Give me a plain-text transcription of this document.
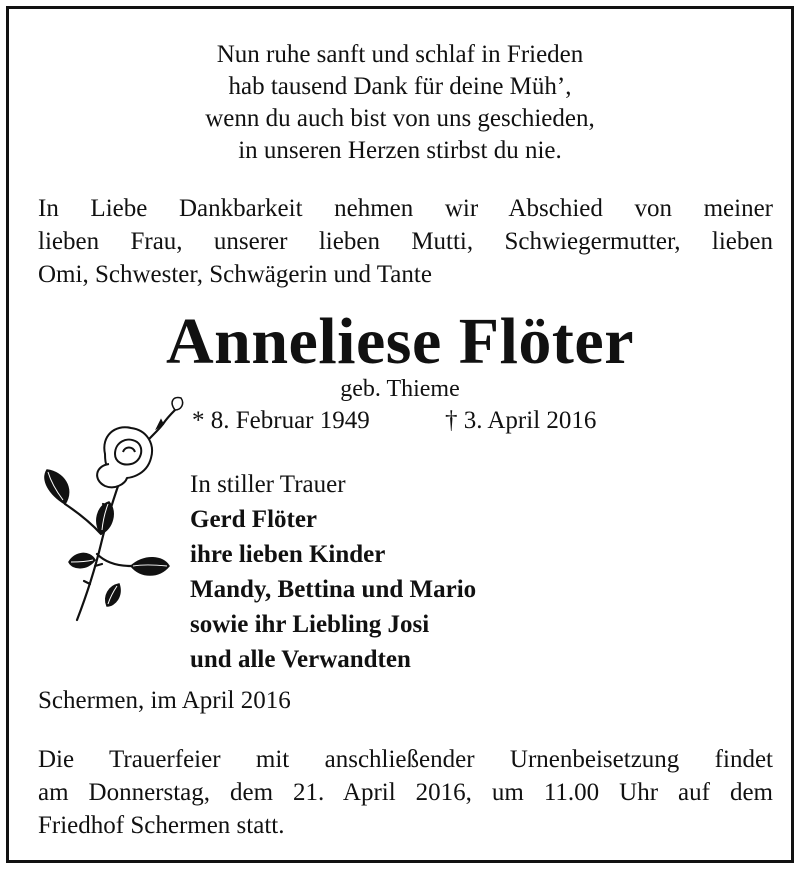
Nun ruhe sanft und schlaf in Frieden
hab tausend Dank für deine Müh’,
wenn du auch bist von uns geschieden,
in unseren Herzen stirbst du nie.
In Liebe Dankbarkeit nehmen wir Abschied von meiner
lieben Frau, unserer lieben Mutti, Schwiegermutter, lieben
Omi, Schwester, Schwägerin und Tante
Anneliese Flöter
geb. Thieme
* 8. Februar 1949	† 3. April 2016
In stiller Trauer
Gerd Flöter
ihre lieben Kinder
Mandy, Bettina und Mario
sowie ihr Liebling Josi
und alle Verwandten
Schermen, im April 2016
Die Trauerfeier mit anschließender Urnenbeisetzung findet
am Donnerstag, dem 21. April 2016, um 11.00 Uhr auf dem
Friedhof Schermen statt.
